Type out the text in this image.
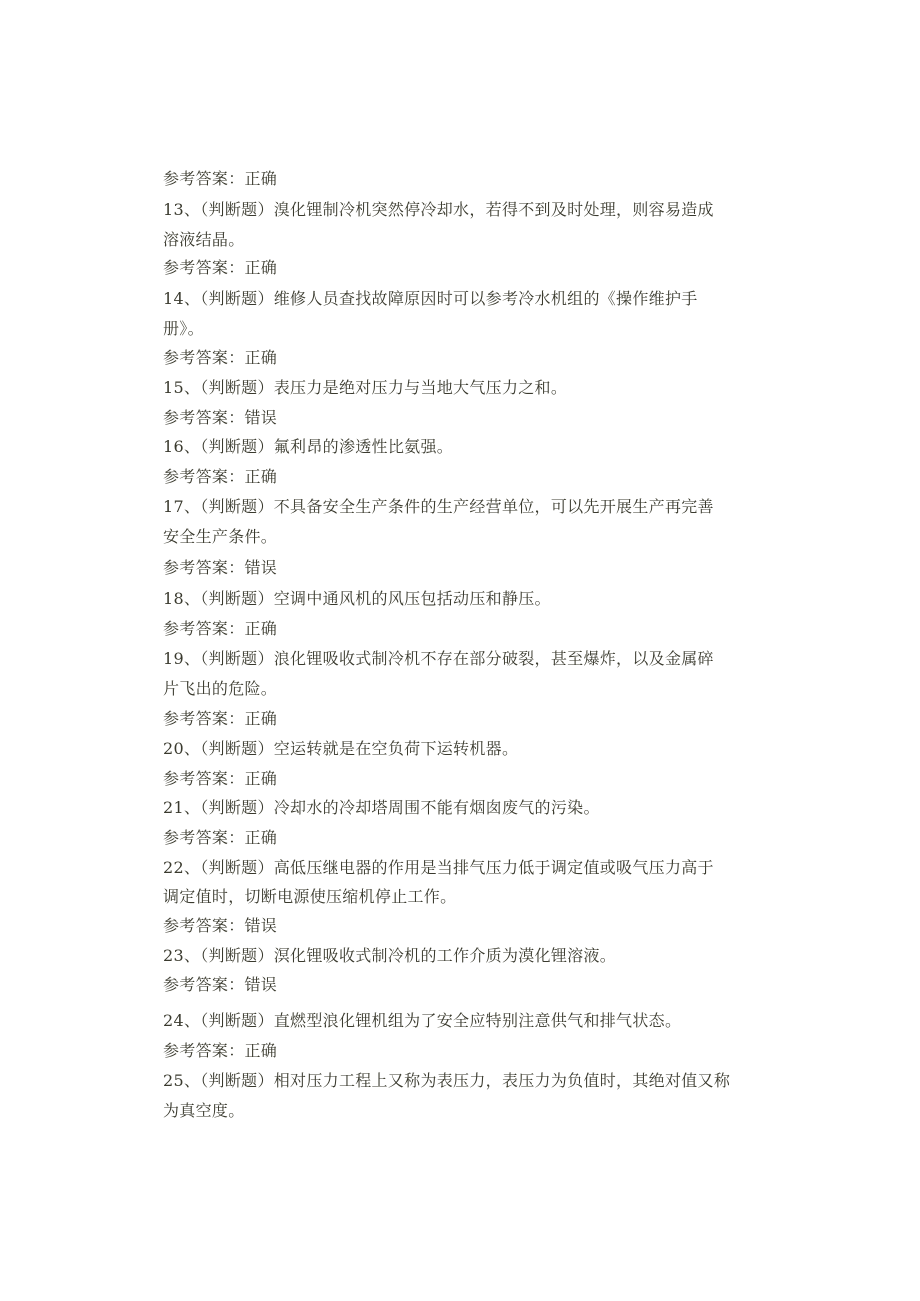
参考答案：正确
13、（判断题）溴化锂制冷机突然停冷却水，若得不到及时处理，则容易造成
溶液结晶。
参考答案：正确
14、（判断题）维修人员查找故障原因时可以参考冷水机组的《操作维护手
册》。
参考答案：正确
15、（判断题）表压力是绝对压力与当地大气压力之和。
参考答案：错误
16、（判断题）氟利昂的渗透性比氨强。
参考答案：正确
17、（判断题）不具备安全生产条件的生产经营单位，可以先开展生产再完善
安全生产条件。
参考答案：错误
18、（判断题）空调中通风机的风压包括动压和静压。
参考答案：正确
19、（判断题）浪化锂吸收式制冷机不存在部分破裂，甚至爆炸，以及金属碎
片飞出的危险。
参考答案：正确
20、（判断题）空运转就是在空负荷下运转机器。
参考答案：正确
21、（判断题）冷却水的冷却塔周围不能有烟囱废气的污染。
参考答案：正确
22、（判断题）高低压继电器的作用是当排气压力低于调定值或吸气压力高于
调定值时，切断电源使压缩机停止工作。
参考答案：错误
23、（判断题）溟化锂吸收式制冷机的工作介质为漠化锂溶液。
参考答案：错误
24、（判断题）直燃型浪化锂机组为了安全应特别注意供气和排气状态。
参考答案：正确
25、（判断题）相对压力工程上又称为表压力，表压力为负值时，其绝对值又称
为真空度。
